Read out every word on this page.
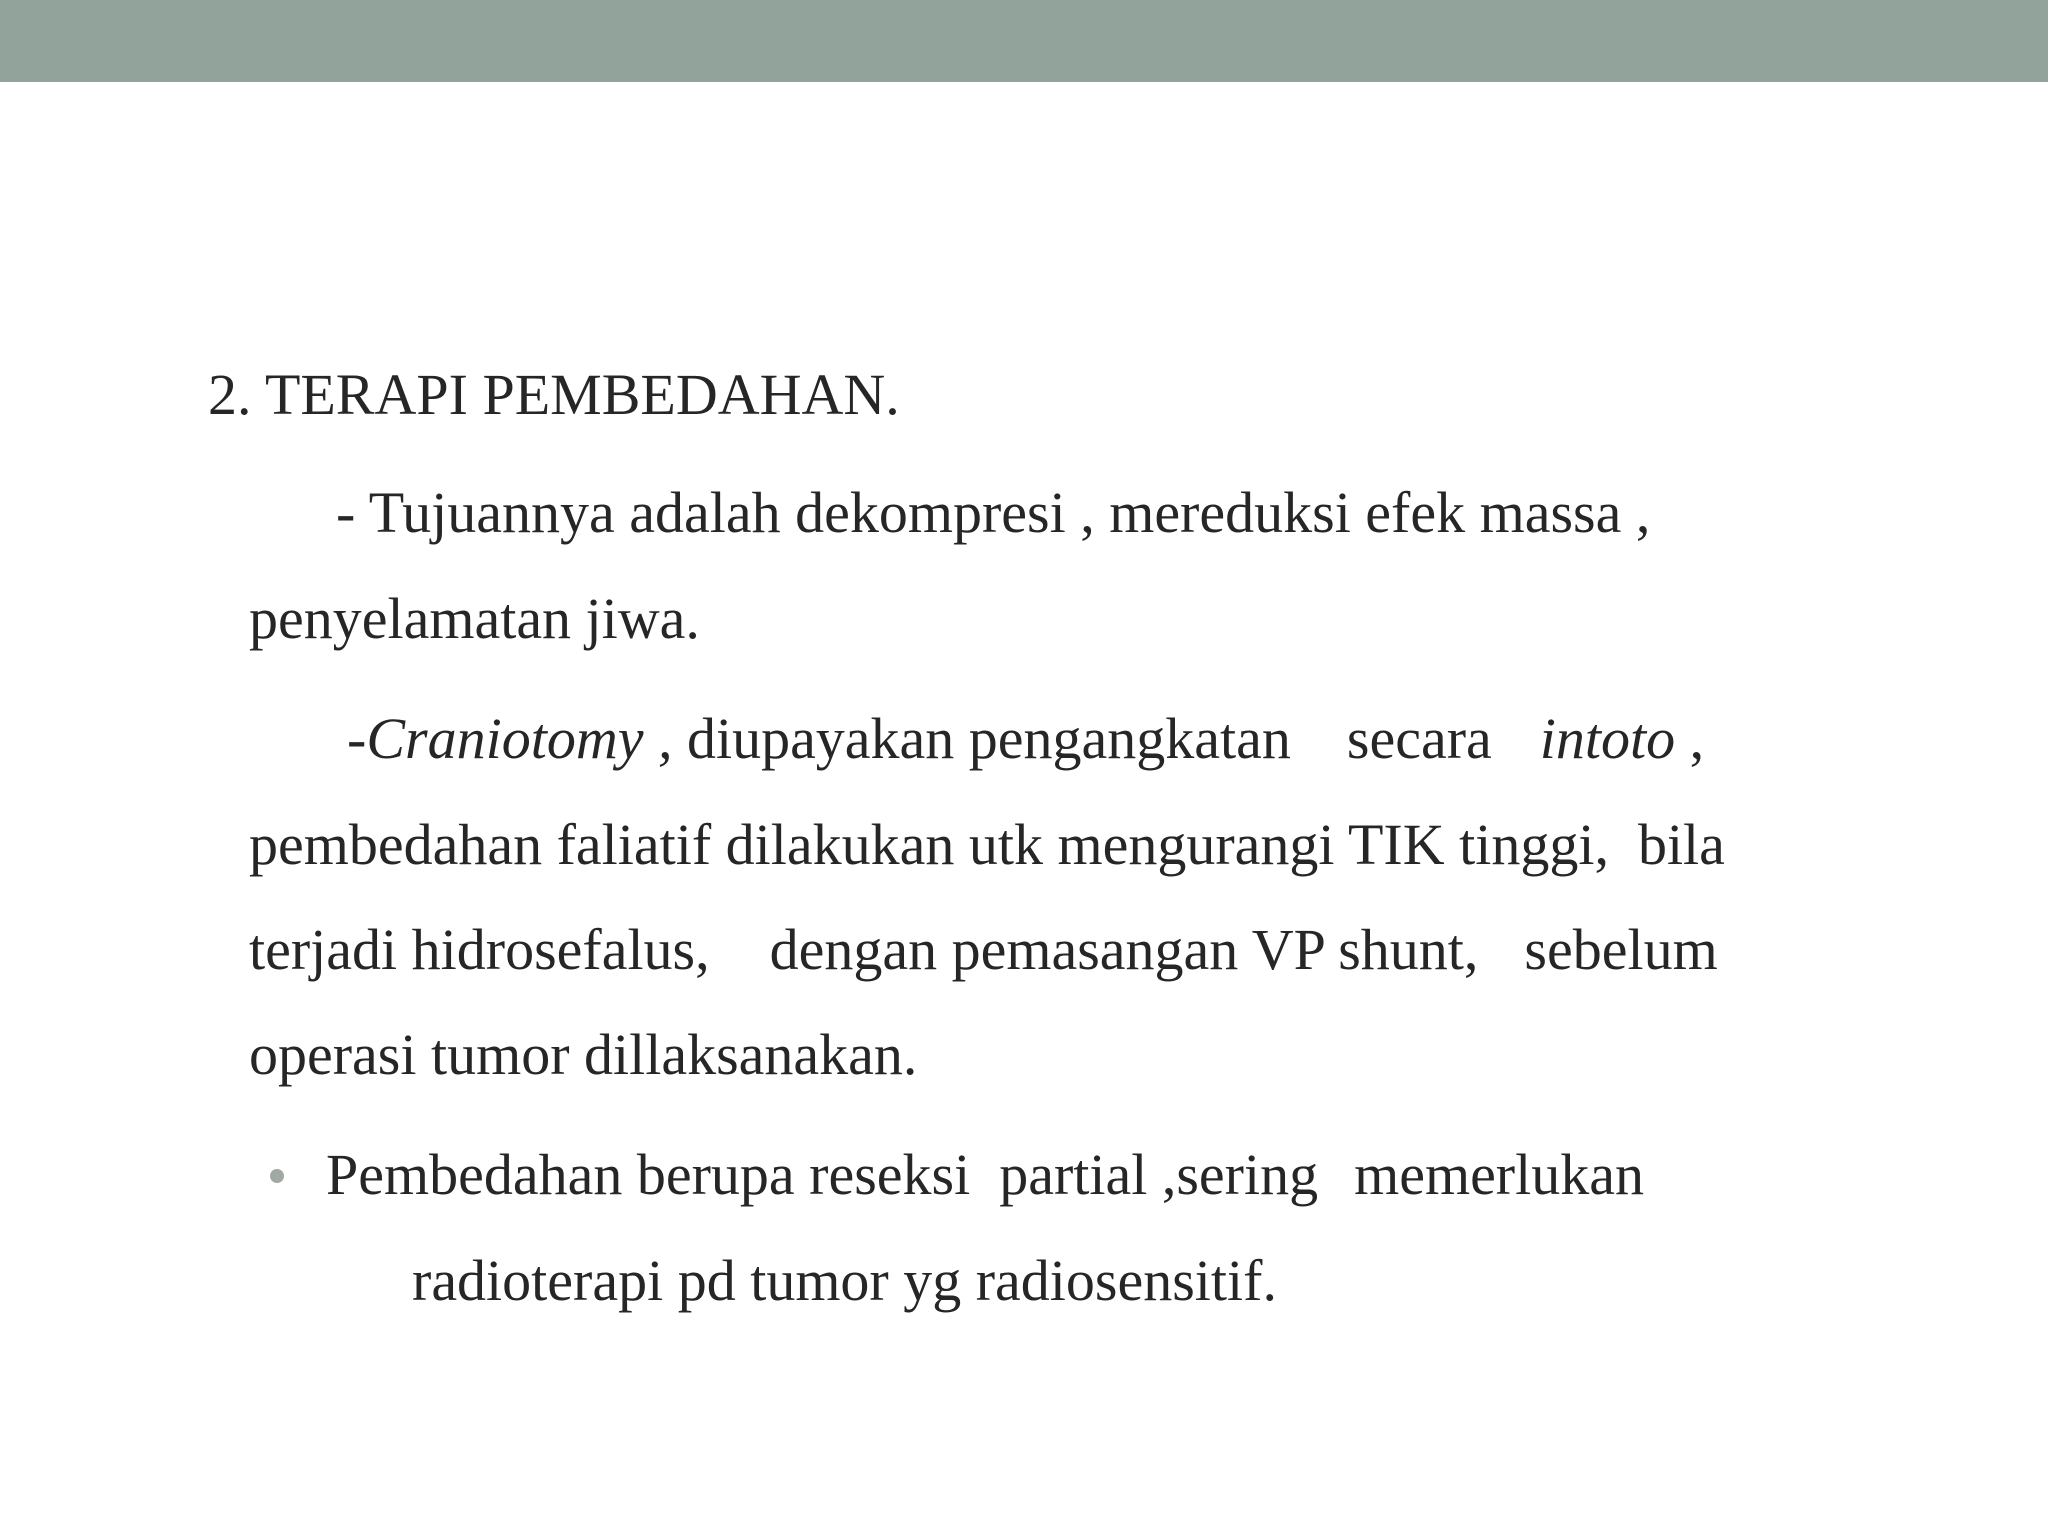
2. TERAPI PEMBEDAHAN.
- Tujuannya adalah dekompresi , mereduksi efek massa ,
penyelamatan jiwa.
-Craniotomy , diupayakan pengangkatan secara intoto ,
pembedahan faliatif dilakukan utk mengurangi TIK tinggi,  bila
terjadi hidrosefalus, dengan pemasangan VP shunt, sebelum
operasi tumor dillaksanakan.
Pembedahan berupa reseksi  partial ,sering memerlukan
radioterapi pd tumor yg radiosensitif.
